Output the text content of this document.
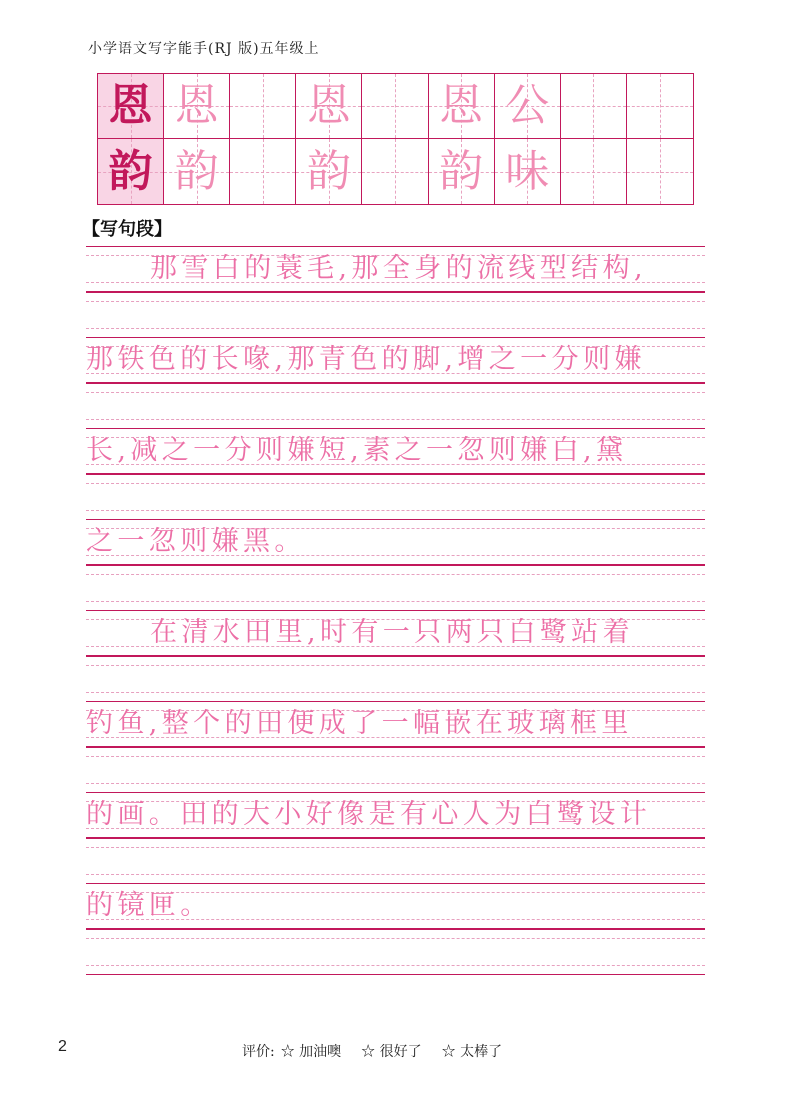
小学语文写字能手(RJ 版)五年级上
恩 恩 恩 恩 公
韵 韵 韵 韵 味
【写句段】
那雪白的蓑毛,那全身的流线型结构,
那铁色的长喙,那青色的脚,增之一分则嫌
长,减之一分则嫌短,素之一忽则嫌白,黛
之一忽则嫌黑。
在清水田里,时有一只两只白鹭站着
钓鱼,整个的田便成了一幅嵌在玻璃框里
的画。田的大小好像是有心人为白鹭设计
的镜匣。
2	评价: ☆ 加油噢 ☆ 很好了 ☆ 太棒了
